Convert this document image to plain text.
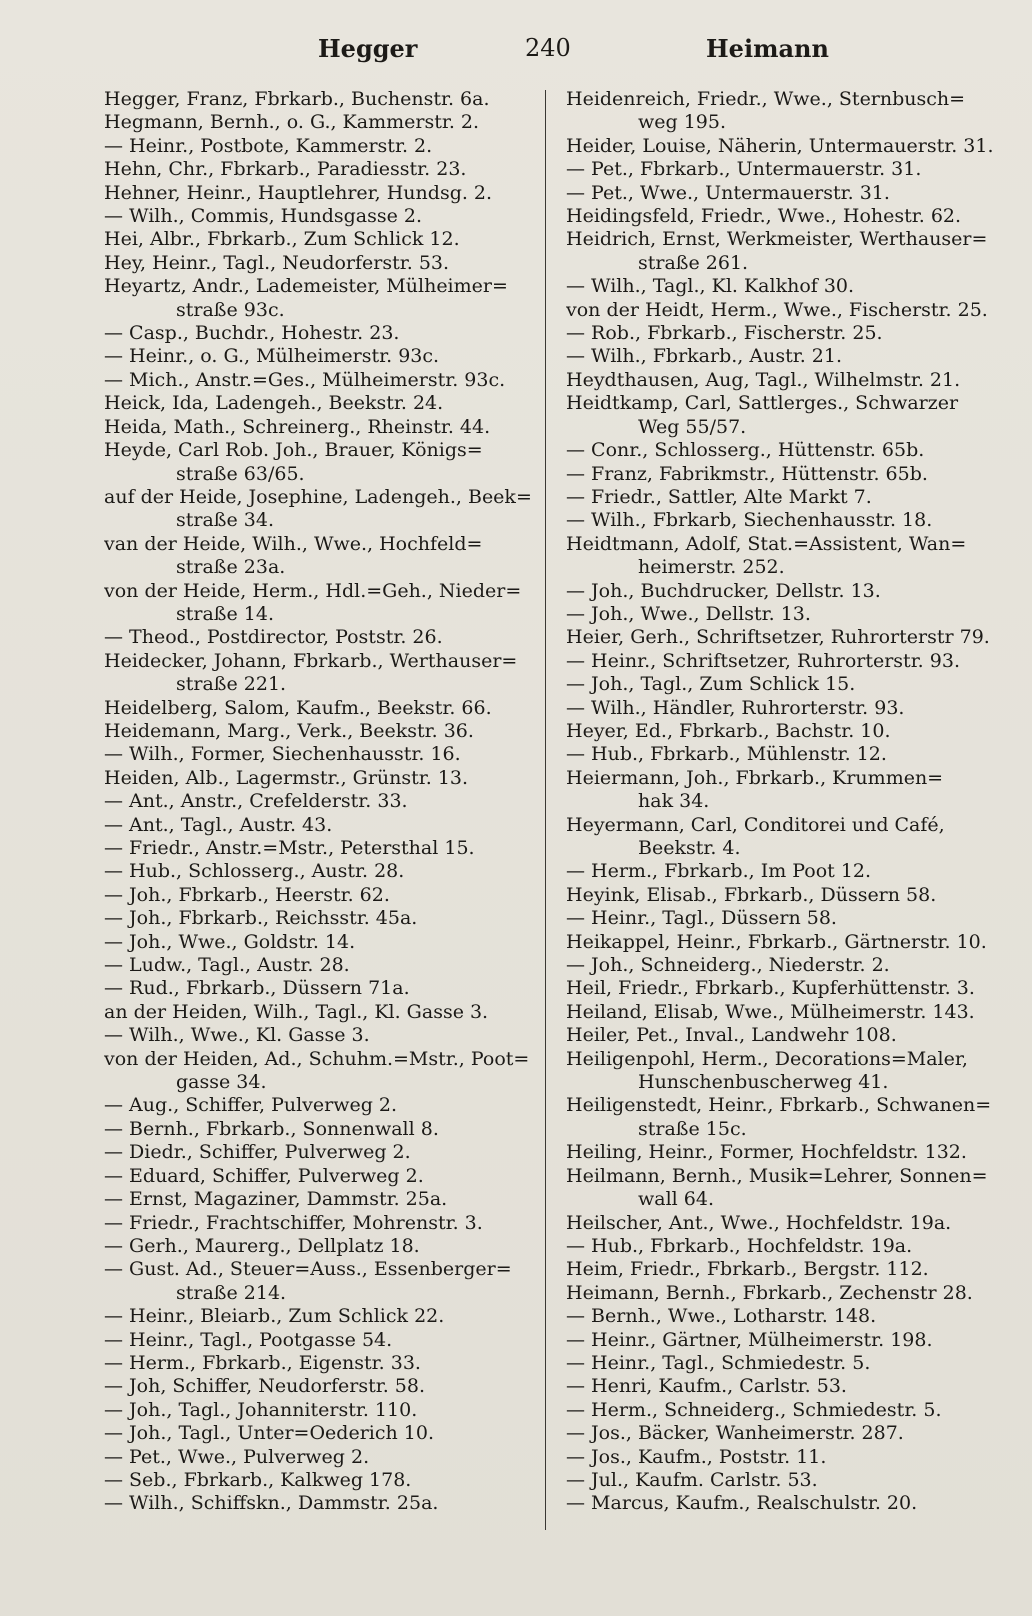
Hegger	240	Heimann
Hegger, Franz, Fbrkarb., Buchenstr. 6a.
Hegmann, Bernh., o. G., Kammerstr. 2.
— Heinr., Postbote, Kammerstr. 2.
Hehn, Chr., Fbrkarb., Paradiesstr. 23.
Hehner, Heinr., Hauptlehrer, Hundsg. 2.
— Wilh., Commis, Hundsgasse 2.
Hei, Albr., Fbrkarb., Zum Schlick 12.
Hey, Heinr., Tagl., Neudorferstr. 53.
Heyartz, Andr., Lademeister, Mülheimer=
straße 93c.
— Casp., Buchdr., Hohestr. 23.
— Heinr., o. G., Mülheimerstr. 93c.
— Mich., Anstr.=Ges., Mülheimerstr. 93c.
Heick, Ida, Ladengeh., Beekstr. 24.
Heida, Math., Schreinerg., Rheinstr. 44.
Heyde, Carl Rob. Joh., Brauer, Königs=
straße 63/65.
auf der Heide, Josephine, Ladengeh., Beek=
straße 34.
van der Heide, Wilh., Wwe., Hochfeld=
straße 23a.
von der Heide, Herm., Hdl.=Geh., Nieder=
straße 14.
— Theod., Postdirector, Poststr. 26.
Heidecker, Johann, Fbrkarb., Werthauser=
straße 221.
Heidelberg, Salom, Kaufm., Beekstr. 66.
Heidemann, Marg., Verk., Beekstr. 36.
— Wilh., Former, Siechenhausstr. 16.
Heiden, Alb., Lagermstr., Grünstr. 13.
— Ant., Anstr., Crefelderstr. 33.
— Ant., Tagl., Austr. 43.
— Friedr., Anstr.=Mstr., Petersthal 15.
— Hub., Schlosserg., Austr. 28.
— Joh., Fbrkarb., Heerstr. 62.
— Joh., Fbrkarb., Reichsstr. 45a.
— Joh., Wwe., Goldstr. 14.
— Ludw., Tagl., Austr. 28.
— Rud., Fbrkarb., Düssern 71a.
an der Heiden, Wilh., Tagl., Kl. Gasse 3.
— Wilh., Wwe., Kl. Gasse 3.
von der Heiden, Ad., Schuhm.=Mstr., Poot=
gasse 34.
— Aug., Schiffer, Pulverweg 2.
— Bernh., Fbrkarb., Sonnenwall 8.
— Diedr., Schiffer, Pulverweg 2.
— Eduard, Schiffer, Pulverweg 2.
— Ernst, Magaziner, Dammstr. 25a.
— Friedr., Frachtschiffer, Mohrenstr. 3.
— Gerh., Maurerg., Dellplatz 18.
— Gust. Ad., Steuer=Auss., Essenberger=
straße 214.
— Heinr., Bleiarb., Zum Schlick 22.
— Heinr., Tagl., Pootgasse 54.
— Herm., Fbrkarb., Eigenstr. 33.
— Joh, Schiffer, Neudorferstr. 58.
— Joh., Tagl., Johanniterstr. 110.
— Joh., Tagl., Unter=Oederich 10.
— Pet., Wwe., Pulverweg 2.
— Seb., Fbrkarb., Kalkweg 178.
— Wilh., Schiffskn., Dammstr. 25a.
Heidenreich, Friedr., Wwe., Sternbusch=
weg 195.
Heider, Louise, Näherin, Untermauerstr. 31.
— Pet., Fbrkarb., Untermauerstr. 31.
— Pet., Wwe., Untermauerstr. 31.
Heidingsfeld, Friedr., Wwe., Hohestr. 62.
Heidrich, Ernst, Werkmeister, Werthauser=
straße 261.
— Wilh., Tagl., Kl. Kalkhof 30.
von der Heidt, Herm., Wwe., Fischerstr. 25.
— Rob., Fbrkarb., Fischerstr. 25.
— Wilh., Fbrkarb., Austr. 21.
Heydthausen, Aug, Tagl., Wilhelmstr. 21.
Heidtkamp, Carl, Sattlerges., Schwarzer
Weg 55/57.
— Conr., Schlosserg., Hüttenstr. 65b.
— Franz, Fabrikmstr., Hüttenstr. 65b.
— Friedr., Sattler, Alte Markt 7.
— Wilh., Fbrkarb, Siechenhausstr. 18.
Heidtmann, Adolf, Stat.=Assistent, Wan=
heimerstr. 252.
— Joh., Buchdrucker, Dellstr. 13.
— Joh., Wwe., Dellstr. 13.
Heier, Gerh., Schriftsetzer, Ruhrorterstr 79.
— Heinr., Schriftsetzer, Ruhrorterstr. 93.
— Joh., Tagl., Zum Schlick 15.
— Wilh., Händler, Ruhrorterstr. 93.
Heyer, Ed., Fbrkarb., Bachstr. 10.
— Hub., Fbrkarb., Mühlenstr. 12.
Heiermann, Joh., Fbrkarb., Krummen=
hak 34.
Heyermann, Carl, Conditorei und Café,
Beekstr. 4.
— Herm., Fbrkarb., Im Poot 12.
Heyink, Elisab., Fbrkarb., Düssern 58.
— Heinr., Tagl., Düssern 58.
Heikappel, Heinr., Fbrkarb., Gärtnerstr. 10.
— Joh., Schneiderg., Niederstr. 2.
Heil, Friedr., Fbrkarb., Kupferhüttenstr. 3.
Heiland, Elisab, Wwe., Mülheimerstr. 143.
Heiler, Pet., Inval., Landwehr 108.
Heiligenpohl, Herm., Decorations=Maler,
Hunschenbuscherweg 41.
Heiligenstedt, Heinr., Fbrkarb., Schwanen=
straße 15c.
Heiling, Heinr., Former, Hochfeldstr. 132.
Heilmann, Bernh., Musik=Lehrer, Sonnen=
wall 64.
Heilscher, Ant., Wwe., Hochfeldstr. 19a.
— Hub., Fbrkarb., Hochfeldstr. 19a.
Heim, Friedr., Fbrkarb., Bergstr. 112.
Heimann, Bernh., Fbrkarb., Zechenstr 28.
— Bernh., Wwe., Lotharstr. 148.
— Heinr., Gärtner, Mülheimerstr. 198.
— Heinr., Tagl., Schmiedestr. 5.
— Henri, Kaufm., Carlstr. 53.
— Herm., Schneiderg., Schmiedestr. 5.
— Jos., Bäcker, Wanheimerstr. 287.
— Jos., Kaufm., Poststr. 11.
— Jul., Kaufm. Carlstr. 53.
— Marcus, Kaufm., Realschulstr. 20.
